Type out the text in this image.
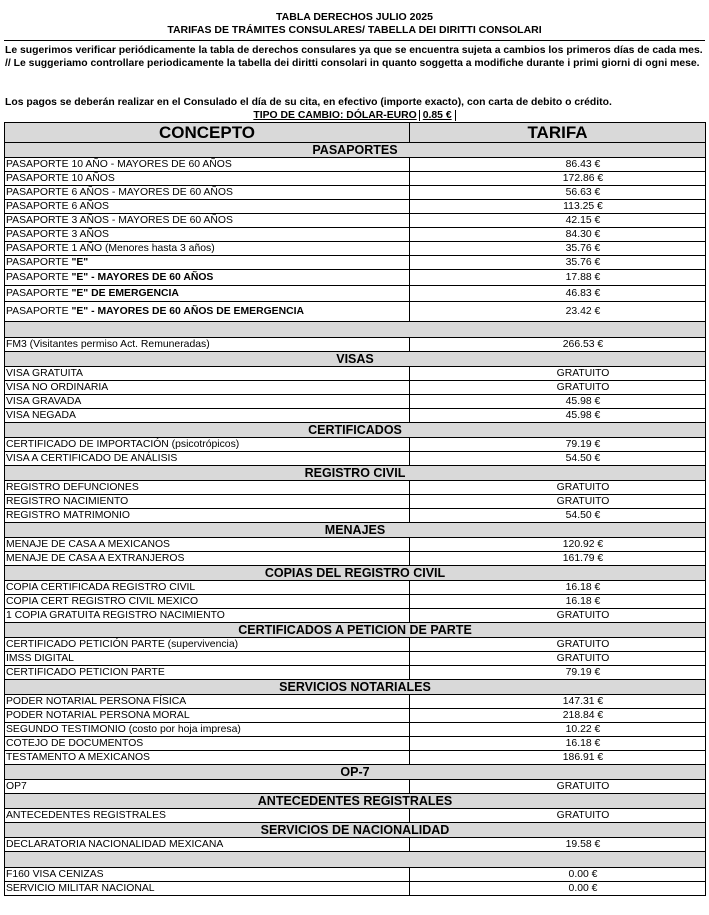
TABLA DERECHOS JULIO 2025
TARIFAS DE TRÁMITES CONSULARES/ TABELLA DEI DIRITTI CONSOLARI
Le sugerimos verificar periódicamente la tabla de derechos consulares ya que se encuentra sujeta a cambios los primeros días de cada mes. // Le suggeriamo controllare periodicamente la tabella dei diritti consolari in quanto soggetta a modifiche durante i primi giorni di ogni mese.
Los pagos se deberán realizar en el Consulado el día de su cita, en efectivo (importe exacto), con carta de debito o crédito.
TIPO DE CAMBIO: DÓLAR-EURO 0.85 €
CONCEPTO	TARIFA
PASAPORTES	
PASAPORTE 10 AÑO - MAYORES DE 60 AÑOS	86.43 €
PASAPORTE 10 AÑOS	172.86 €
PASAPORTE 6 AÑOS - MAYORES DE 60 AÑOS	56.63 €
PASAPORTE 6 AÑOS	113.25 €
PASAPORTE 3 AÑOS - MAYORES DE 60 AÑOS	42.15 €
PASAPORTE 3 AÑOS	84.30 €
PASAPORTE 1 AÑO (Menores hasta 3 años)	35.76 €
PASAPORTE "E"	35.76 €
PASAPORTE "E" - MAYORES DE 60 AÑOS	17.88 €
PASAPORTE "E" DE EMERGENCIA	46.83 €
PASAPORTE "E" - MAYORES DE 60 AÑOS DE EMERGENCIA	23.42 €

FM3 (Visitantes permiso Act. Remuneradas)	266.53 €
VISAS	
VISA GRATUITA	GRATUITO
VISA NO ORDINARIA	GRATUITO
VISA GRAVADA	45.98 €
VISA NEGADA	45.98 €
CERTIFICADOS	
CERTIFICADO DE IMPORTACIÓN (psicotrópicos)	79.19 €
VISA A CERTIFICADO DE ANÁLISIS	54.50 €
REGISTRO CIVIL	
REGISTRO DEFUNCIONES	GRATUITO
REGISTRO NACIMIENTO	GRATUITO
REGISTRO MATRIMONIO	54.50 €
MENAJES	
MENAJE DE CASA A MEXICANOS	120.92 €
MENAJE DE CASA A EXTRANJEROS	161.79 €
COPIAS DEL REGISTRO CIVIL	
COPIA CERTIFICADA REGISTRO CIVIL	16.18 €
COPIA CERT REGISTRO CIVIL MEXICO	16.18 €
1 COPIA GRATUITA REGISTRO NACIMIENTO	GRATUITO
CERTIFICADOS A PETICION DE PARTE	
CERTIFICADO PETICIÓN PARTE (supervivencia)	GRATUITO
IMSS DIGITAL	GRATUITO
CERTIFICADO PETICION PARTE	79.19 €
SERVICIOS NOTARIALES	
PODER NOTARIAL PERSONA FÍSICA	147.31 €
PODER NOTARIAL PERSONA MORAL	218.84 €
SEGUNDO TESTIMONIO (costo por hoja impresa)	10.22 €
COTEJO DE DOCUMENTOS	16.18 €
TESTAMENTO A MEXICANOS	186.91 €
OP-7	
OP7	GRATUITO
ANTECEDENTES REGISTRALES	
ANTECEDENTES REGISTRALES	GRATUITO
SERVICIOS DE NACIONALIDAD	
DECLARATORIA NACIONALIDAD MEXICANA	19.58 €

F160 VISA CENIZAS	0.00 €
SERVICIO MILITAR NACIONAL	0.00 €
